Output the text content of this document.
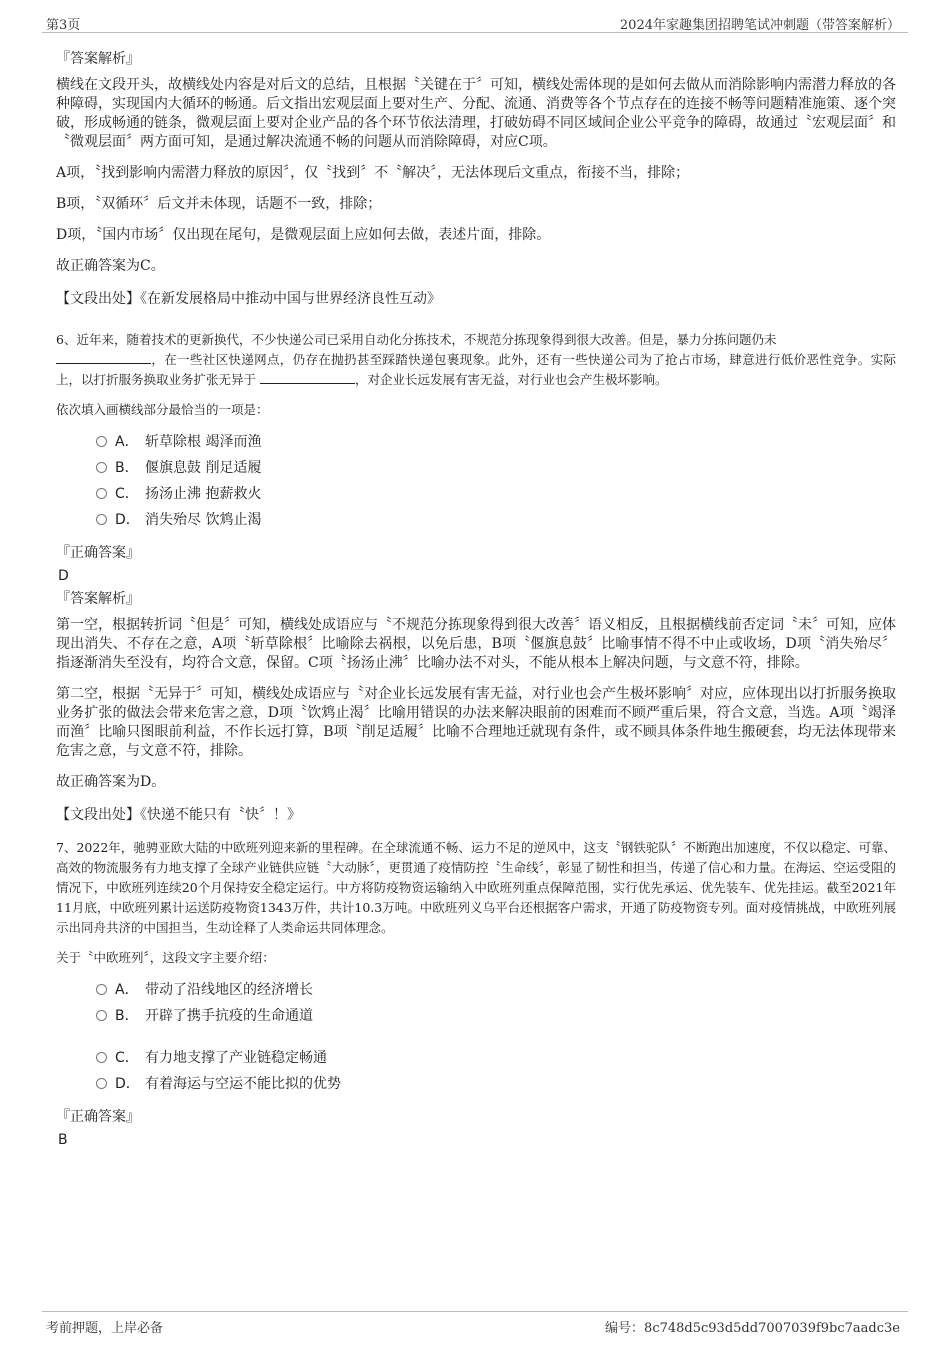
第3页	2024年家趣集团招聘笔试冲刺题（带答案解析）
『答案解析』
横线在文段开头，故横线处内容是对后文的总结，且根据〝关键在于〞可知，横线处需体现的是如何去做从而消除影响内需潜力释放的各种障碍，实现国内大循环的畅通。后文指出宏观层面上要对生产、分配、流通、消费等各个节点存在的连接不畅等问题精准施策、逐个突破，形成畅通的链条，微观层面上要对企业产品的各个环节依法清理，打破妨碍不同区域间企业公平竞争的障碍，故通过〝宏观层面〞和〝微观层面〞两方面可知，是通过解决流通不畅的问题从而消除障碍，对应C项。
A项，〝找到影响内需潜力释放的原因〞，仅〝找到〞不〝解决〞，无法体现后文重点，衔接不当，排除；
B项，〝双循环〞后文并未体现，话题不一致，排除；
D项，〝国内市场〞仅出现在尾句，是微观层面上应如何去做，表述片面，排除。
故正确答案为C。
【文段出处】《在新发展格局中推动中国与世界经济良性互动》
6、近年来，随着技术的更新换代，不少快递公司已采用自动化分拣技术，不规范分拣现象得到很大改善。但是，暴力分拣问题仍未
，在一些社区快递网点，仍存在抛扔甚至踩踏快递包裹现象。此外，还有一些快递公司为了抢占市场，肆意进行低价恶性竞争。实际上，以打折服务换取业务扩张无异于	，对企业长远发展有害无益，对行业也会产生极坏影响。
依次填入画横线部分最恰当的一项是：
A． 斩草除根 竭泽而渔
B． 偃旗息鼓 削足适履
C． 扬汤止沸 抱薪救火
D． 消失殆尽 饮鸩止渴
『正确答案』
D
『答案解析』
第一空，根据转折词〝但是〞可知，横线处成语应与〝不规范分拣现象得到很大改善〞语义相反，且根据横线前否定词〝未〞可知，应体现出消失、不存在之意，A项〝斩草除根〞比喻除去祸根，以免后患，B项〝偃旗息鼓〞比喻事情不得不中止或收场，D项〝消失殆尽〞指逐渐消失至没有，均符合文意，保留。C项〝扬汤止沸〞比喻办法不对头，不能从根本上解决问题，与文意不符，排除。
第二空，根据〝无异于〞可知，横线处成语应与〝对企业长远发展有害无益，对行业也会产生极坏影响〞对应，应体现出以打折服务换取业务扩张的做法会带来危害之意，D项〝饮鸩止渴〞比喻用错误的办法来解决眼前的困难而不顾严重后果，符合文意，当选。A项〝竭泽而渔〞比喻只图眼前利益，不作长远打算，B项〝削足适履〞比喻不合理地迁就现有条件，或不顾具体条件地生搬硬套，均无法体现带来危害之意，与文意不符，排除。
故正确答案为D。
【文段出处】《快递不能只有〝快〞！》
7、2022年，驰骋亚欧大陆的中欧班列迎来新的里程碑。在全球流通不畅、运力不足的逆风中，这支〝钢铁驼队〞不断跑出加速度，不仅以稳定、可靠、高效的物流服务有力地支撑了全球产业链供应链〝大动脉〞，更贯通了疫情防控〝生命线〞，彰显了韧性和担当，传递了信心和力量。在海运、空运受阻的情况下，中欧班列连续20个月保持安全稳定运行。中方将防疫物资运输纳入中欧班列重点保障范围，实行优先承运、优先装车、优先挂运。截至2021年11月底，中欧班列累计运送防疫物资1343万件，共计10.3万吨。中欧班列义乌平台还根据客户需求，开通了防疫物资专列。面对疫情挑战，中欧班列展示出同舟共济的中国担当，生动诠释了人类命运共同体理念。
关于〝中欧班列〞，这段文字主要介绍：
A． 带动了沿线地区的经济增长
B． 开辟了携手抗疫的生命通道
C． 有力地支撑了产业链稳定畅通
D． 有着海运与空运不能比拟的优势
『正确答案』
B
考前押题，上岸必备	编号：8c748d5c93d5dd7007039f9bc7aadc3e
